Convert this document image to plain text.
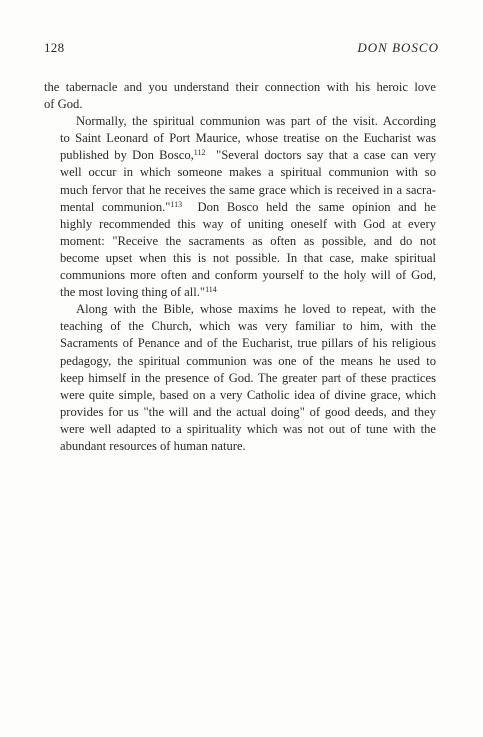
128	DON BOSCO

the tabernacle and you understand their connection with his heroic love
of God.

Normally, the spiritual communion was part of the visit. According
to Saint Leonard of Port Maurice, whose treatise on the Eucharist was
published by Don Bosco,$^{112}$ "Several doctors say that a case can very
well occur in which someone makes a spiritual communion with so
much fervor that he receives the same grace which is received in a sacra-
mental communion."$^{113}$ Don Bosco held the same opinion and he
highly recommended this way of uniting oneself with God at every
moment: "Receive the sacraments as often as possible, and do not
become upset when this is not possible. In that case, make spiritual
communions more often and conform yourself to the holy will of God,
the most loving thing of all."$^{114}$

Along with the Bible, whose maxims he loved to repeat, with the
teaching of the Church, which was very familiar to him, with the
Sacraments of Penance and of the Eucharist, true pillars of his religious
pedagogy, the spiritual communion was one of the means he used to
keep himself in the presence of God. The greater part of these practices
were quite simple, based on a very Catholic idea of divine grace, which
provides for us "the will and the actual doing" of good deeds, and they
were well adapted to a spirituality which was not out of tune with the
abundant resources of human nature.
